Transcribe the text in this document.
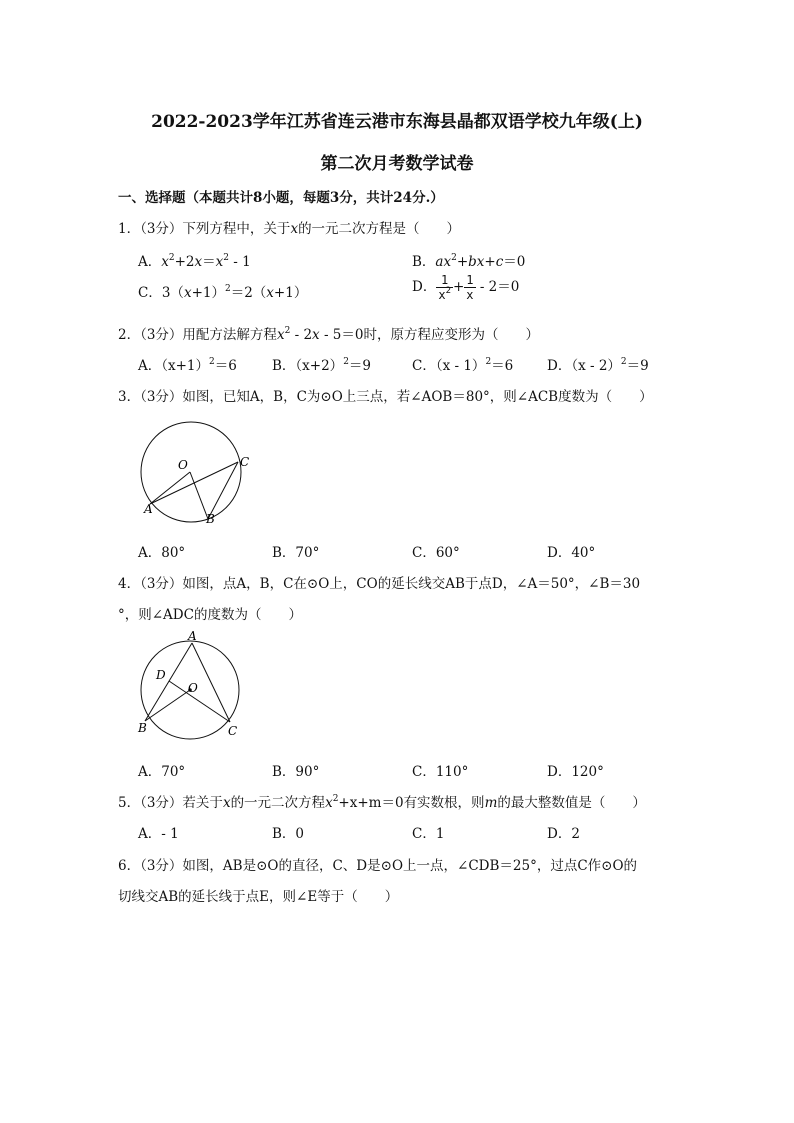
2022-2023学年江苏省连云港市东海县晶都双语学校九年级(上)
第二次月考数学试卷
一、选择题（本题共计8小题，每题3分，共计24分.）
1．（3分）下列方程中，关于x的一元二次方程是（　　）
A．$x^2+2x=x^2 - 1$	B．$ax^2+bx+c=0$
C．$3(x+1)^2=2(x+1)$	D． $\frac{1}{x^2} + \frac{1}{x} - 2=0$
2．（3分）用配方法解方程$x^2 - 2x - 5=0$时，原方程应变形为（　　）
A．$(x+1)^2=6$	B．$(x+2)^2=9$	C．（x - 1）$^2$＝6 D．（x - 2）$^2$＝9
3．（3分）如图，已知A，B，C为⊙O上三点，若∠AOB＝80°，则∠ACB度数为（　　）
O	C
A
B
A．80°	B．70°	C．60°	D．40°
4．（3分）如图，点A，B，C在⊙O上，CO的延长线交AB于点D，∠A＝50°，∠B＝30
°，则∠ADC的度数为（　　）
A
D
O
B	C
A．70°	B．90°	C．110°	D．120°
5．（3分）若关于x的一元二次方程$x^2+x+m=0$有实数根，则m的最大整数值是（　　）
A．- 1	B．0	C．1	D．2
6．（3分）如图，AB是⊙O的直径，C、D是⊙O上一点，∠CDB＝25°，过点C作⊙O的
切线交AB的延长线于点E，则∠E等于（　　）
